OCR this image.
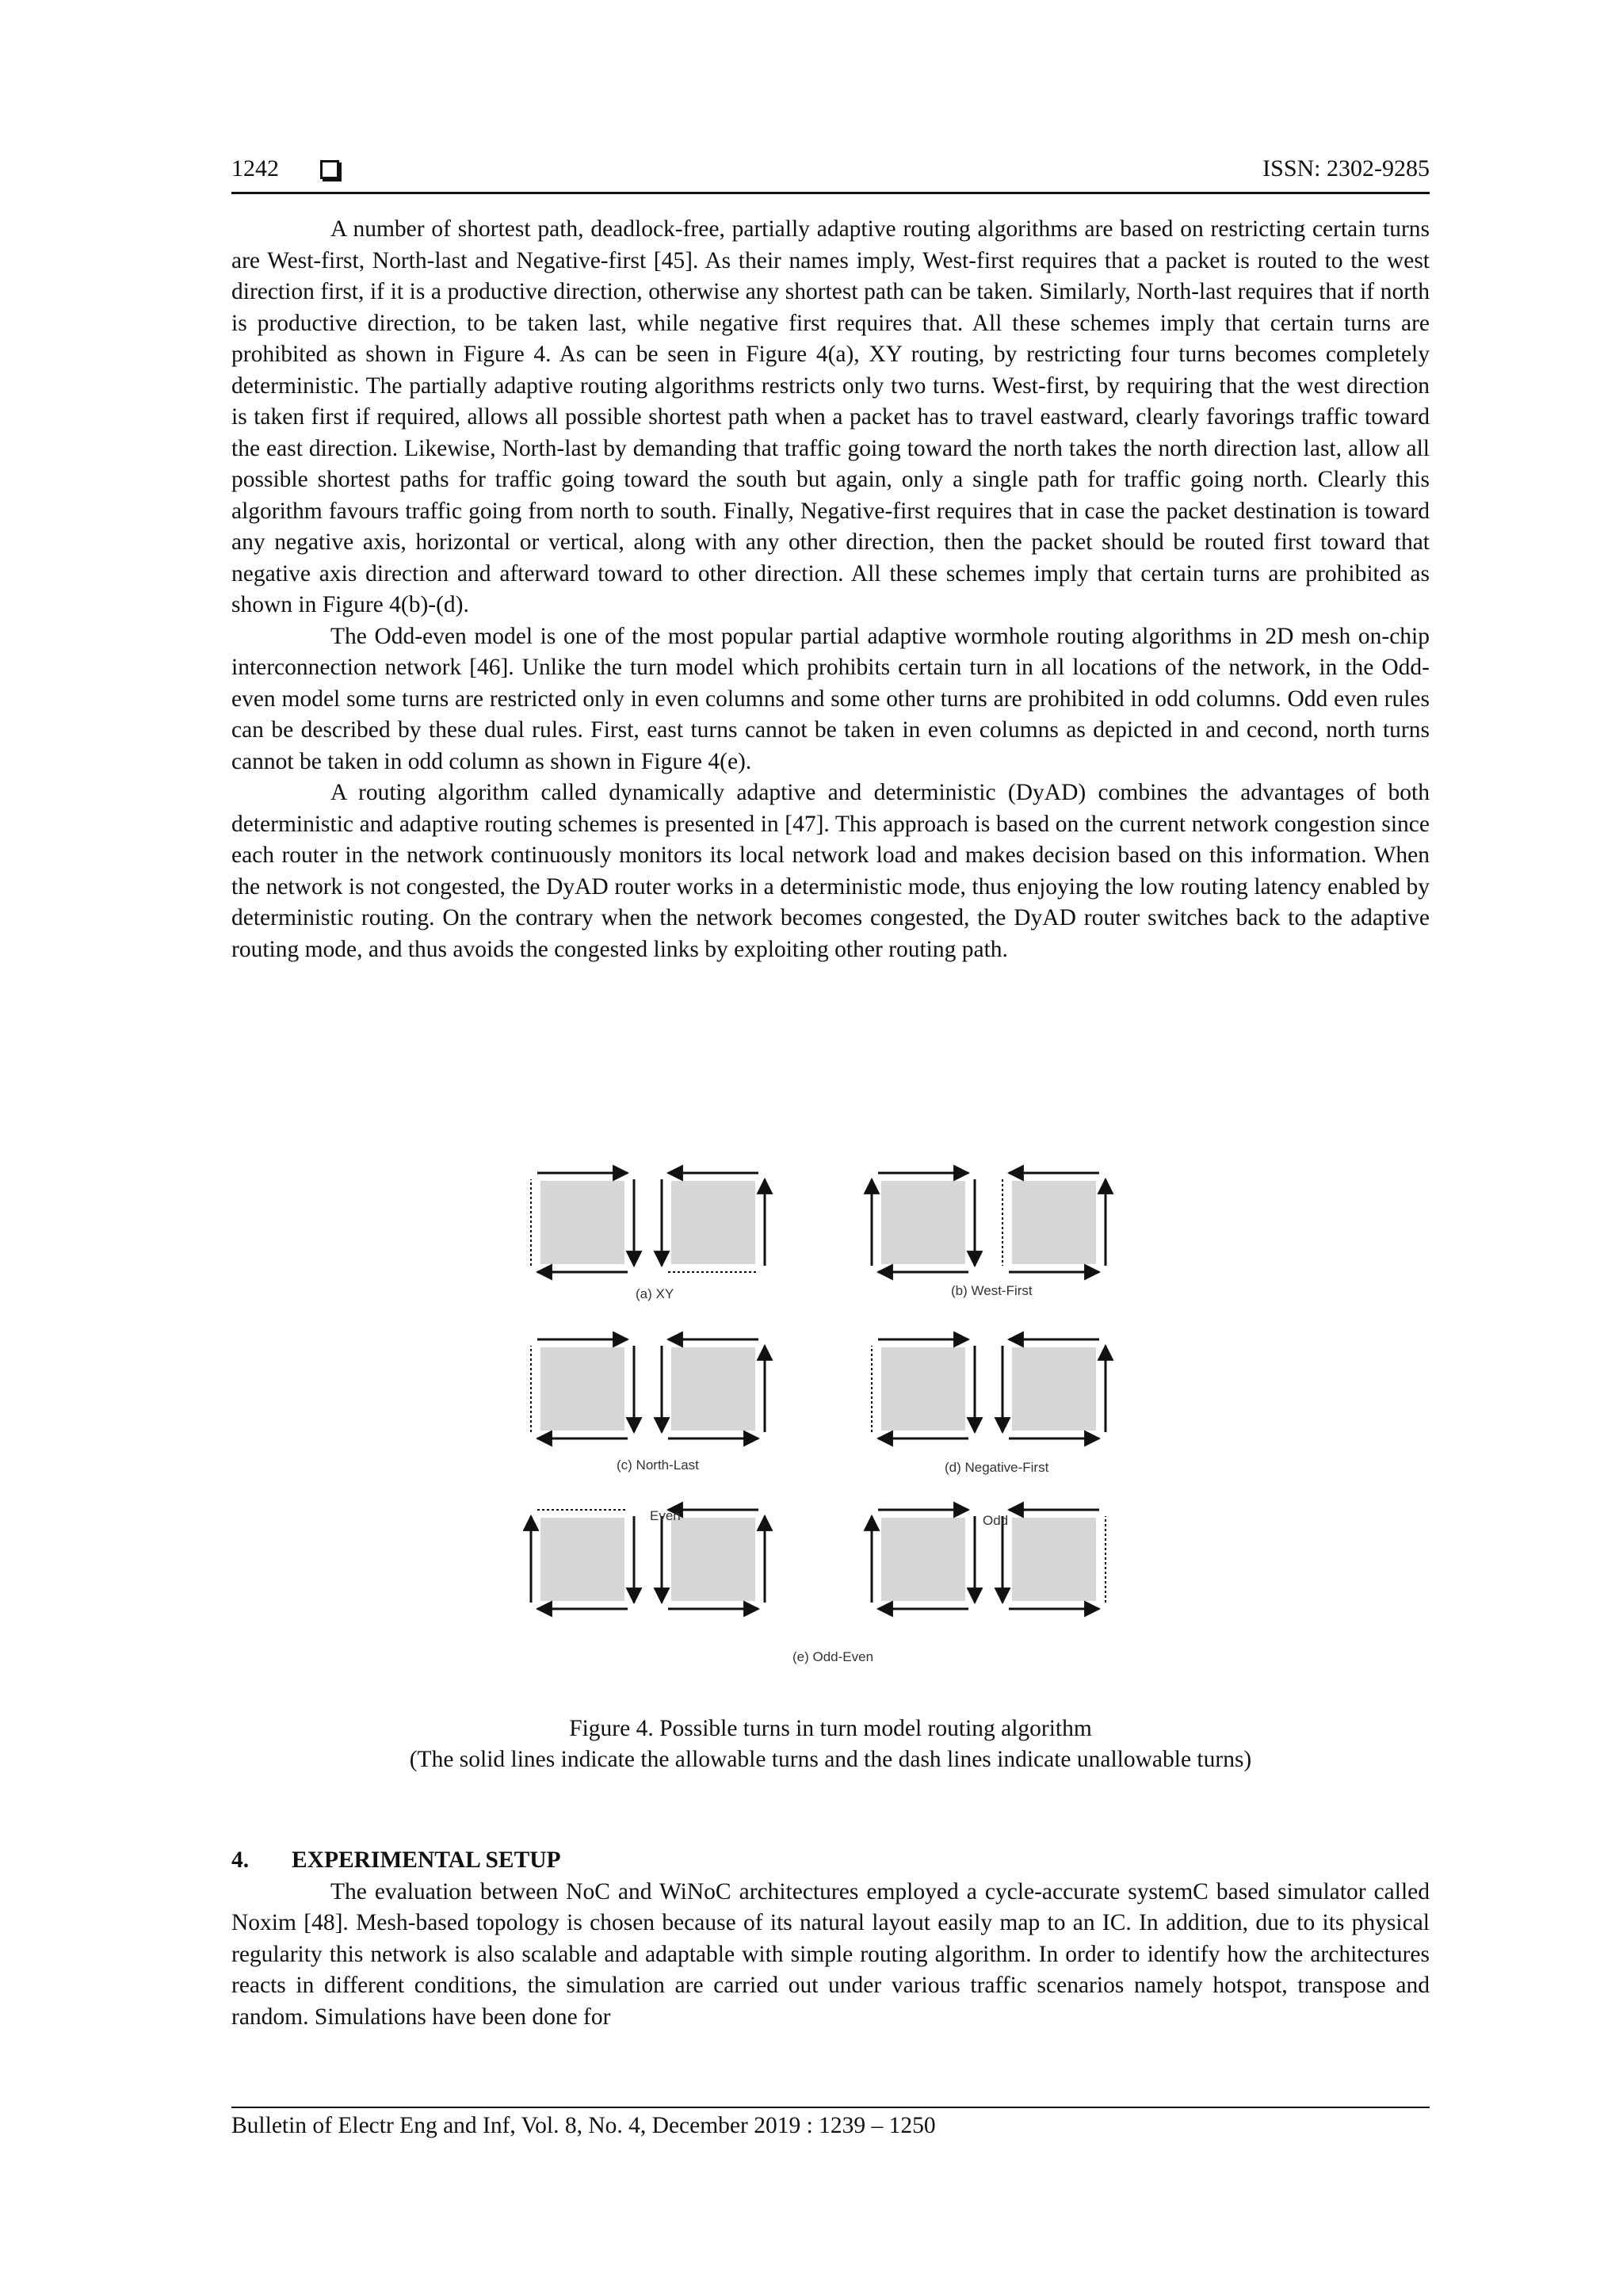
1242	ISSN: 2302-9285

A number of shortest path, deadlock-free, partially adaptive routing algorithms are based on restricting certain turns are West-first, North-last and Negative-first [45]. As their names imply, West-first requires that a packet is routed to the west direction first, if it is a productive direction, otherwise any shortest path can be taken. Similarly, North-last requires that if north is productive direction, to be taken last, while negative first requires that. All these schemes imply that certain turns are prohibited as shown in Figure 4. As can be seen in Figure 4(a), XY routing, by restricting four turns becomes completely deterministic. The partially adaptive routing algorithms restricts only two turns. West-first, by requiring that the west direction is taken first if required, allows all possible shortest path when a packet has to travel eastward, clearly favorings traffic toward the east direction. Likewise, North-last by demanding that traffic going toward the north takes the north direction last, allow all possible shortest paths for traffic going toward the south but again, only a single path for traffic going north. Clearly this algorithm favours traffic going from north to south. Finally, Negative-first requires that in case the packet destination is toward any negative axis, horizontal or vertical, along with any other direction, then the packet should be routed first toward that negative axis direction and afterward toward to other direction. All these schemes imply that certain turns are prohibited as shown in Figure 4(b)-(d).

The Odd-even model is one of the most popular partial adaptive wormhole routing algorithms in 2D mesh on-chip interconnection network [46]. Unlike the turn model which prohibits certain turn in all locations of the network, in the Odd-even model some turns are restricted only in even columns and some other turns are prohibited in odd columns. Odd even rules can be described by these dual rules. First, east turns cannot be taken in even columns as depicted in and cecond, north turns cannot be taken in odd column as shown in Figure 4(e).

A routing algorithm called dynamically adaptive and deterministic (DyAD) combines the advantages of both deterministic and adaptive routing schemes is presented in [47]. This approach is based on the current network congestion since each router in the network continuously monitors its local network load and makes decision based on this information. When the network is not congested, the DyAD router works in a deterministic mode, thus enjoying the low routing latency enabled by deterministic routing. On the contrary when the network becomes congested, the DyAD router switches back to the adaptive routing mode, and thus avoids the congested links by exploiting other routing path.

(a) XY	(b) West-First
(c) North-Last	(d) Negative-First
Even	Odd
(e) Odd-Even
Figure 4. Possible turns in turn model routing algorithm
(The solid lines indicate the allowable turns and the dash lines indicate unallowable turns)
4. EXPERIMENTAL SETUP

The evaluation between NoC and WiNoC architectures employed a cycle-accurate systemC based simulator called Noxim [48]. Mesh-based topology is chosen because of its natural layout easily map to an IC. In addition, due to its physical regularity this network is also scalable and adaptable with simple routing algorithm. In order to identify how the architectures reacts in different conditions, the simulation are carried out under various traffic scenarios namely hotspot, transpose and random. Simulations have been done for

Bulletin of Electr Eng and Inf, Vol. 8, No. 4, December 2019 : 1239 – 1250
